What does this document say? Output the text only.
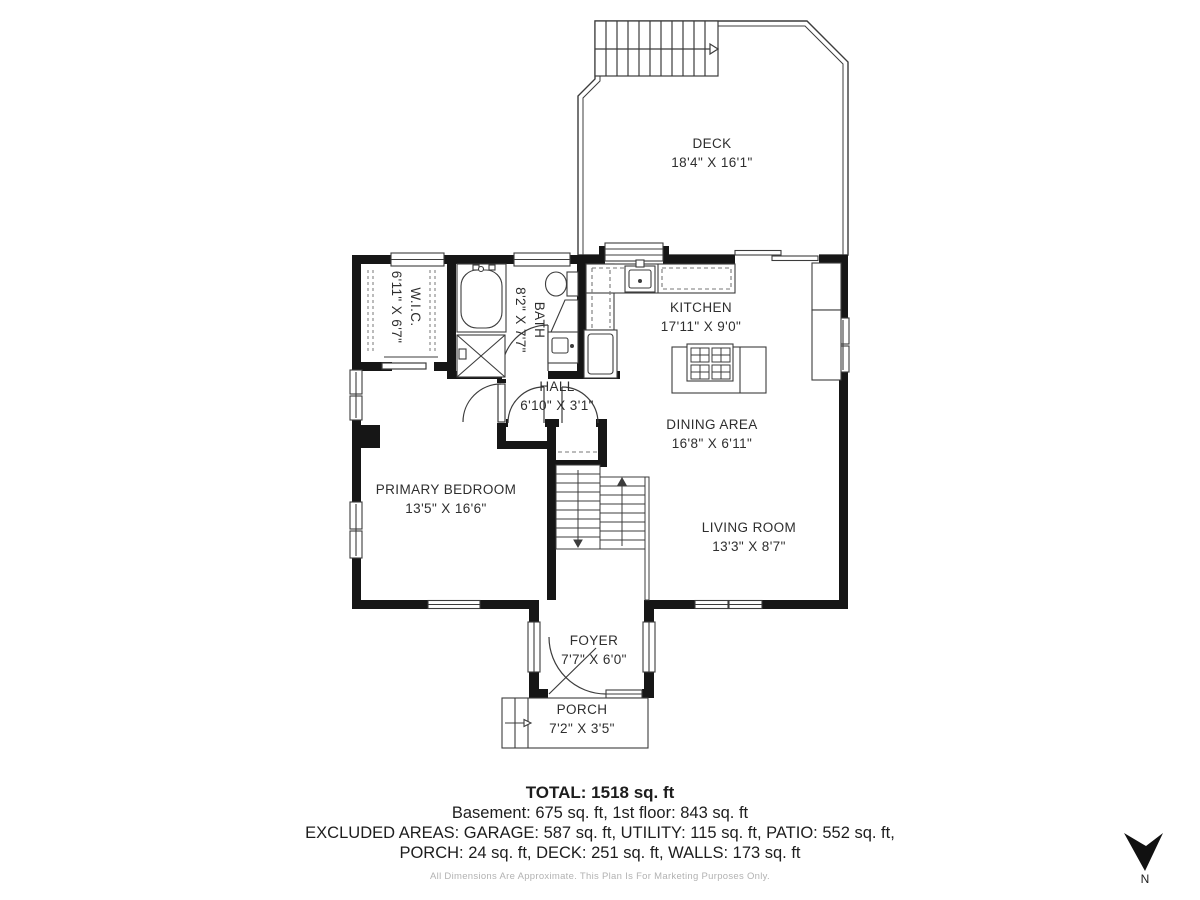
DECK
18'4" X 16'1"
W.I.C.
6'11" X 6'7"	BATH
8'2" X 7'7"	KITCHEN
17'11" X 9'0"
HALL
6'10" X 3'1"
DINING AREA
16'8" X 6'11"
PRIMARY BEDROOM
13'5" X 16'6"
LIVING ROOM
13'3" X 8'7"
FOYER
7'7" X 6'0"
PORCH
7'2" X 3'5"
TOTAL: 1518 sq. ft
Basement: 675 sq. ft, 1st floor: 843 sq. ft
EXCLUDED AREAS: GARAGE: 587 sq. ft, UTILITY: 115 sq. ft, PATIO: 552 sq. ft,
PORCH: 24 sq. ft, DECK: 251 sq. ft, WALLS: 173 sq. ft
All Dimensions Are Approximate. This Plan Is For Marketing Purposes Only.	N
